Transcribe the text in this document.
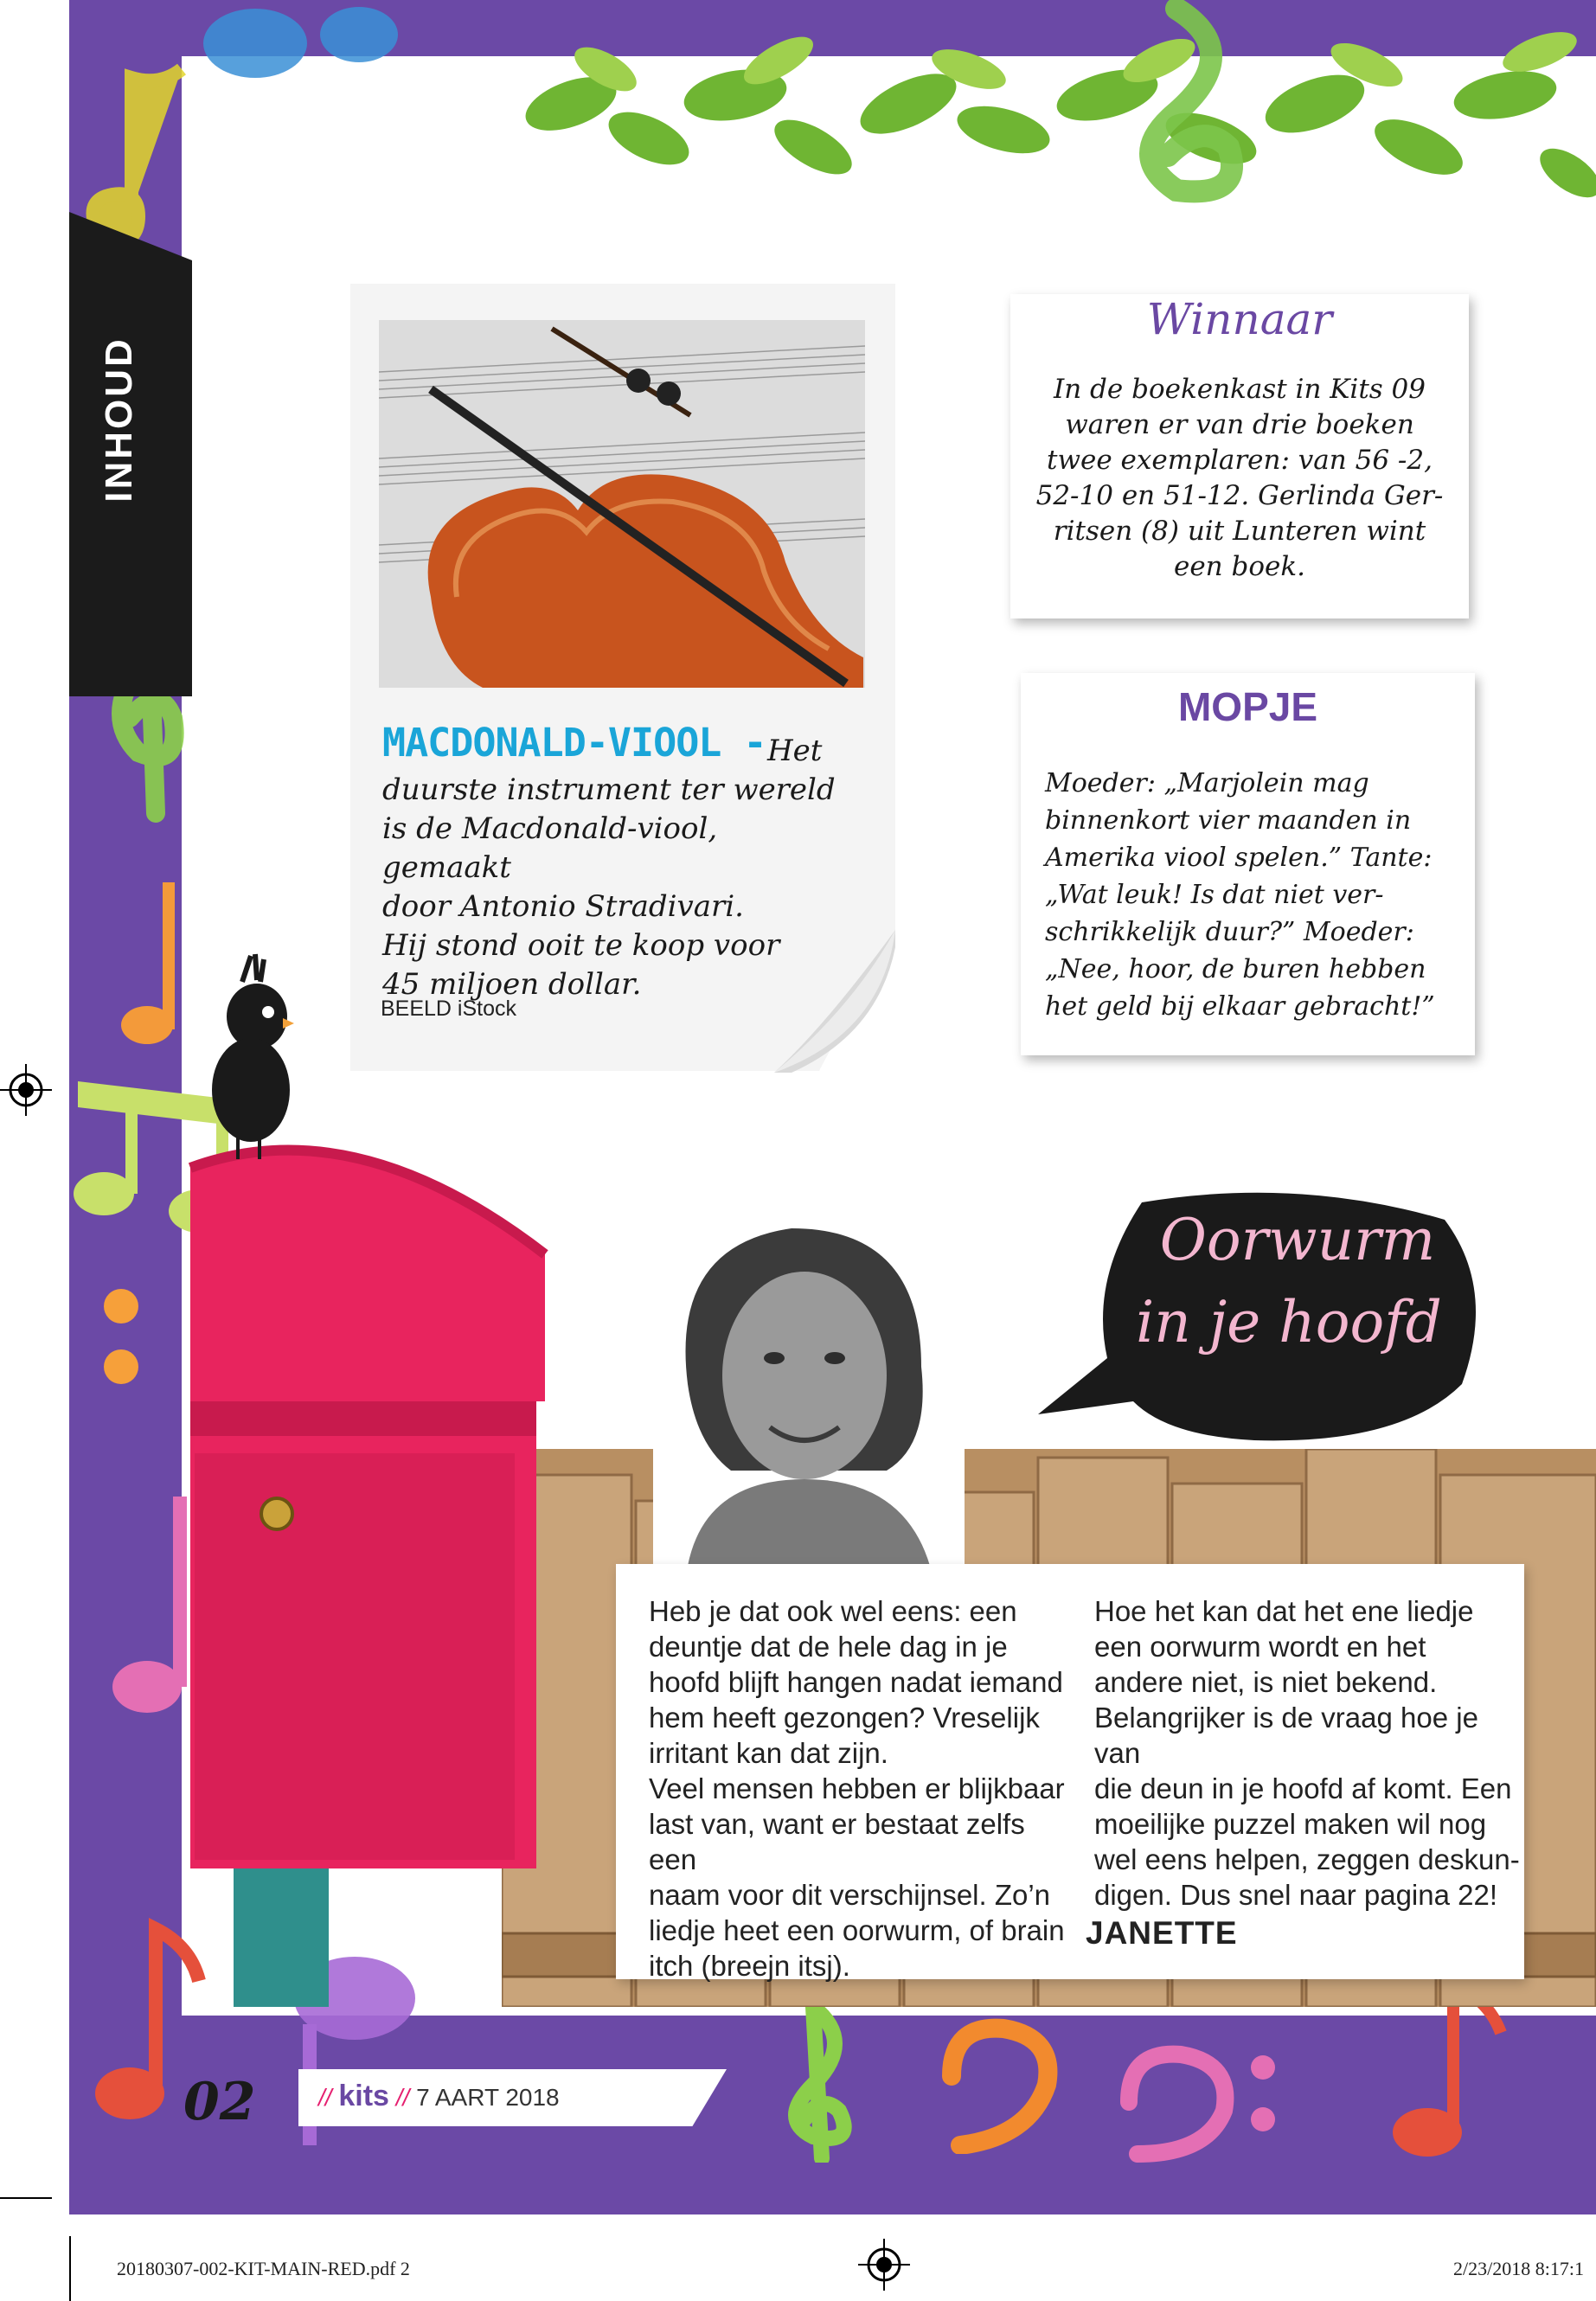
INHOUD
MACDONALD-VIOOL - Het
duurste instrument ter wereld
is de Macdonald-viool, gemaakt
door Antonio Stradivari.
Hij stond ooit te koop voor
45 miljoen dollar.
BEELD iStock
Winnaar
In de boekenkast in Kits 09
waren er van drie boeken
twee exemplaren: van 56 -2,
52-10 en 51-12. Gerlinda Ger-
ritsen (8) uit Lunteren wint
een boek.
MOPJE
Moeder: „Marjolein mag
binnenkort vier maanden in
Amerika viool spelen.” Tante:
„Wat leuk! Is dat niet ver-
schrikkelijk duur?” Moeder:
„Nee, hoor, de buren hebben
het geld bij elkaar gebracht!”
Oorwurm
in je hoofd
Heb je dat ook wel eens: een
deuntje dat de hele dag in je
hoofd blijft hangen nadat iemand
hem heeft gezongen? Vreselijk
irritant kan dat zijn.
Veel mensen hebben er blijkbaar
last van, want er bestaat zelfs een
naam voor dit verschijnsel. Zo’n
liedje heet een oorwurm, of brain
itch (breejn itsj).
Hoe het kan dat het ene liedje
een oorwurm wordt en het
andere niet, is niet bekend.
Belangrijker is de vraag hoe je van
die deun in je hoofd af komt. Een
moeilijke puzzel maken wil nog
wel eens helpen, zeggen deskun-
digen. Dus snel naar pagina 22!
JANETTE
02	// kits // 7 AART 2018
20180307-002-KIT-MAIN-RED.pdf 2	2/23/2018 8:17:1
